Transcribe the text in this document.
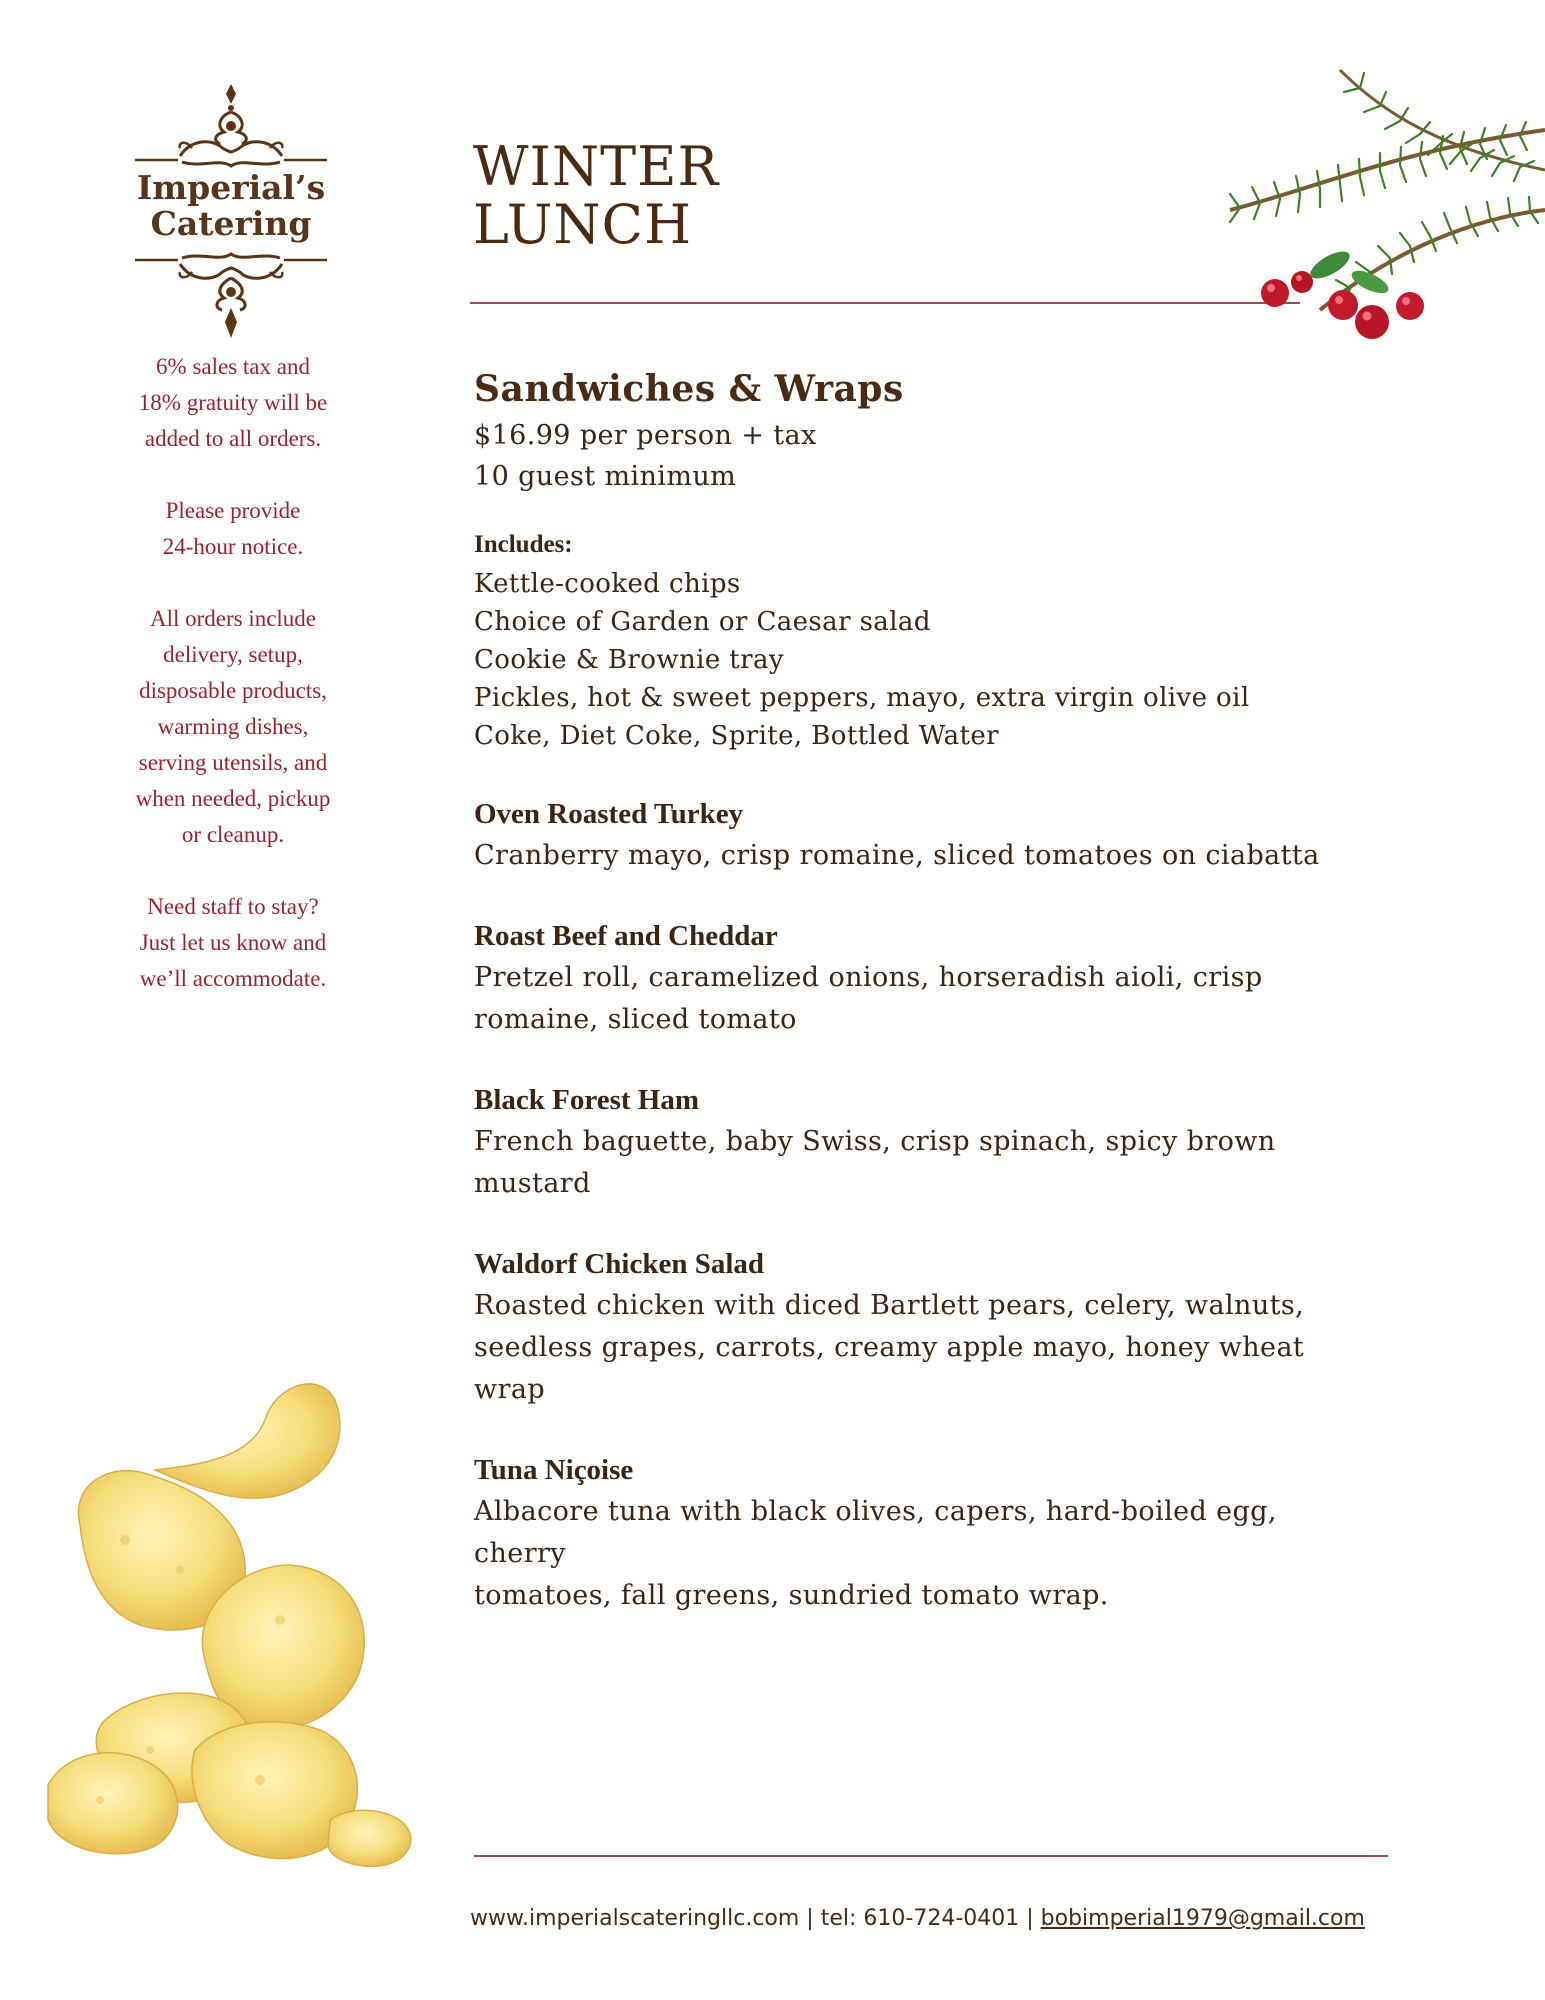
Imperial’s
Catering

6% sales tax and
18% gratuity will be
added to all orders.

Please provide
24-hour notice.

All orders include
delivery, setup,
disposable products,
warming dishes,
serving utensils, and
when needed, pickup
or cleanup.

Need staff to stay?
Just let us know and
we’ll accommodate.

WINTER
LUNCH
Sandwiches & Wraps
$16.99 per person + tax
10 guest minimum
Includes:
Kettle-cooked chips
Choice of Garden or Caesar salad
Cookie & Brownie tray
Pickles, hot & sweet peppers, mayo, extra virgin olive oil
Coke, Diet Coke, Sprite, Bottled Water
Oven Roasted Turkey
Cranberry mayo, crisp romaine, sliced tomatoes on ciabatta
Roast Beef and Cheddar
Pretzel roll, caramelized onions, horseradish aioli, crisp
romaine, sliced tomato
Black Forest Ham
French baguette, baby Swiss, crisp spinach, spicy brown
mustard
Waldorf Chicken Salad
Roasted chicken with diced Bartlett pears, celery, walnuts,
seedless grapes, carrots, creamy apple mayo, honey wheat wrap
Tuna Niçoise
Albacore tuna with black olives, capers, hard-boiled egg, cherry
tomatoes, fall greens, sundried tomato wrap.
www.imperialscateringllc.com | tel: 610-724-0401 | bobimperial1979@gmail.com
